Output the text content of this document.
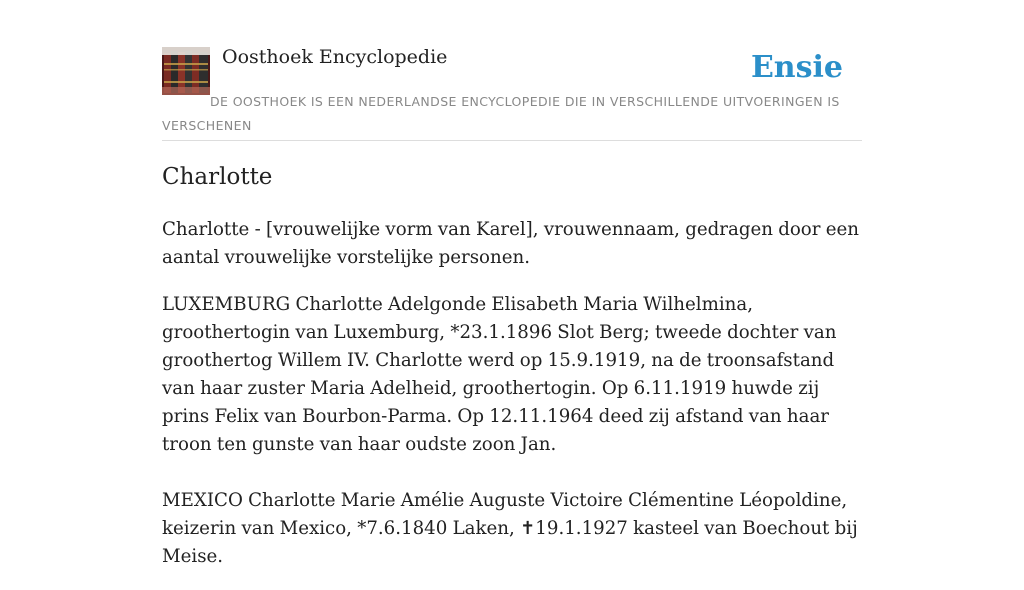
Oosthoek Encyclopedie	Ensie

DE OOSTHOEK IS EEN NEDERLANDSE ENCYCLOPEDIE DIE IN VERSCHILLENDE UITVOERINGEN IS VERSCHENEN

Charlotte

Charlotte - [vrouwelijke vorm van Karel], vrouwennaam, gedragen door een aantal vrouwelijke vorstelijke personen.

LUXEMBURG Charlotte Adelgonde Elisabeth Maria Wilhelmina, groothertogin van Luxemburg, *23.1.1896 Slot Berg; tweede dochter van groothertog Willem IV. Charlotte werd op 15.9.1919, na de troonsafstand van haar zuster Maria Adelheid, groothertogin. Op 6.11.1919 huwde zij prins Felix van Bourbon-Parma. Op 12.11.1964 deed zij afstand van haar troon ten gunste van haar oudste zoon Jan.

MEXICO Charlotte Marie Amélie Auguste Victoire Clémentine Léopoldine, keizerin van Mexico, *7.6.1840 Laken, ✝19.1.1927 kasteel van Boechout bij Meise.
